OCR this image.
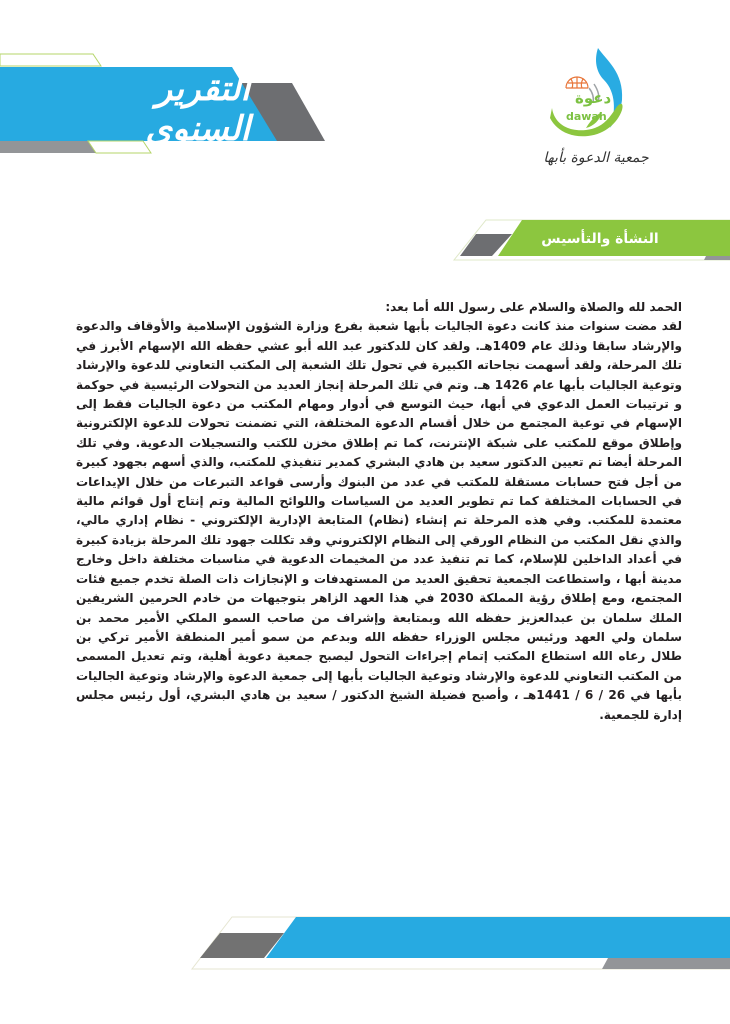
التقرير السنوي
دعوة
dawah
جمعية الدعوة بأبها
النشأة والتأسيس

الحمد لله والصلاة والسلام على رسول الله أما بعد:

لقد مضت سنوات منذ كانت دعوة الجاليات بأبها شعبة بفرع وزارة الشؤون الإسلامية والأوقاف والدعوة والإرشاد سابقا وذلك عام 1409هـ. ولقد كان للدكتور عبد الله أبو عشي حفظه الله الإسهام الأبرز في تلك المرحلة، ولقد أسهمت نجاحاته الكبيرة في تحول تلك الشعبة إلى المكتب التعاوني للدعوة والإرشاد وتوعية الجاليات بأبها عام 1426 هـ. وتم في تلك المرحلة إنجاز العديد من التحولات الرئيسية في حوكمة و ترتيبات العمل الدعوي في أبها، حيث التوسع في أدوار ومهام المكتب من دعوة الجاليات فقط إلى الإسهام في توعية المجتمع من خلال أقسام الدعوة المختلفة، التي تضمنت تحولات للدعوة الإلكترونية وإطلاق موقع للمكتب على شبكة الإنترنت، كما تم إطلاق مخزن للكتب والتسجيلات الدعوية. وفي تلك المرحلة أيضا تم تعيين الدكتور سعيد بن هادي البشري كمدير تنفيذي للمكتب، والذي أسهم بجهود كبيرة من أجل فتح حسابات مستقلة للمكتب في عدد من البنوك وأرسى قواعد التبرعات من خلال الإيداعات في الحسابات المختلفة كما تم تطوير العديد من السياسات واللوائح المالية وتم إنتاج أول قوائم مالية معتمدة للمكتب. وفي هذه المرحلة تم إنشاء (نظام) المتابعة الإدارية الإلكتروني - نظام إداري مالي، والذي نقل المكتب من النظام الورقي إلى النظام الإلكتروني وقد تكللت جهود تلك المرحلة بزيادة كبيرة في أعداد الداخلين للإسلام، كما تم تنفيذ عدد من المخيمات الدعوية في مناسبات مختلفة داخل وخارج مدينة أبها ، واستطاعت الجمعية تحقيق العديد من المستهدفات و الإنجازات ذات الصلة تخدم جميع فئات المجتمع، ومع إطلاق رؤية المملكة 2030 في هذا العهد الزاهر بتوجيهات من خادم الحرمين الشريفين الملك سلمان بن عبدالعزيز حفظه الله وبمتابعة وإشراف من صاحب السمو الملكي الأمير محمد بن سلمان ولي العهد ورئيس مجلس الوزراء حفظه الله وبدعم من سمو أمير المنطقة الأمير تركي بن طلال رعاه الله استطاع المكتب إتمام إجراءات التحول ليصبح جمعية دعوية أهلية، وتم تعديل المسمى من المكتب التعاوني للدعوة والإرشاد وتوعية الجاليات بأبها إلى جمعية الدعوة والإرشاد وتوعية الجاليات بأبها في 26 / 6 / 1441هـ ، وأصبح فضيلة الشيخ الدكتور / سعيد بن هادي البشري، أول رئيس مجلس إدارة للجمعية.
